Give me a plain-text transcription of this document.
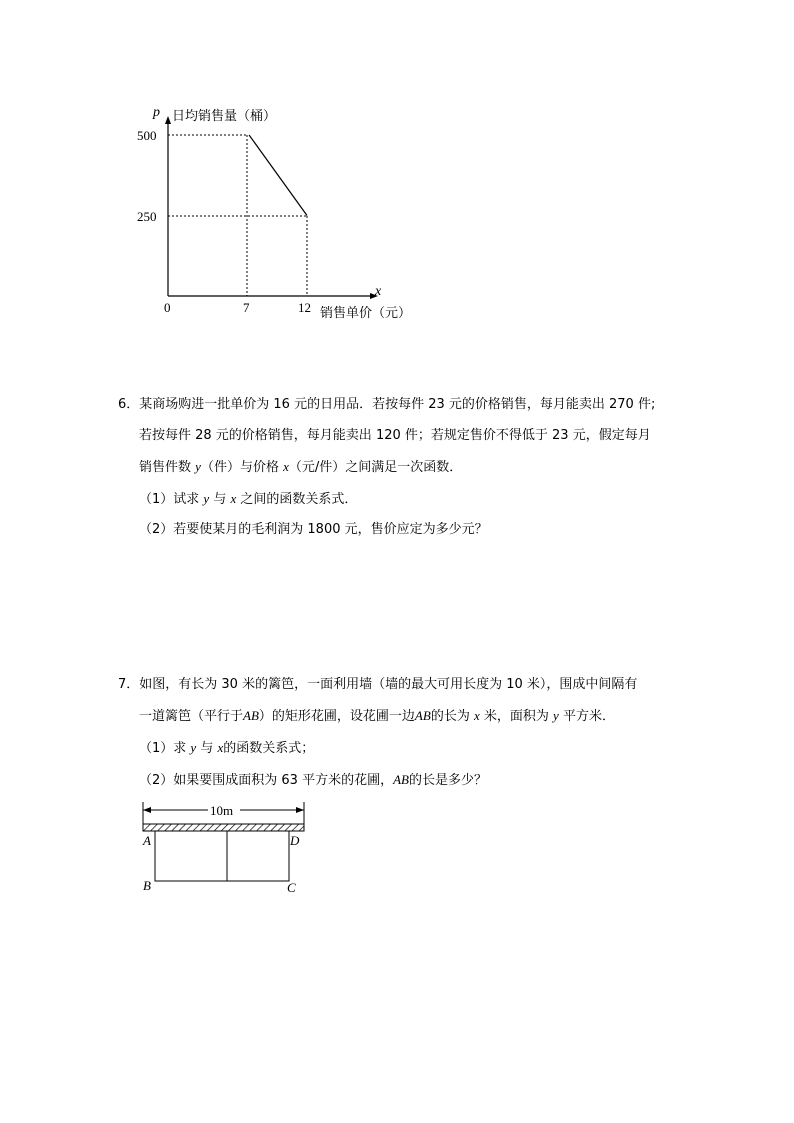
p 日均销售量（桶）
500
250
0	7	12
x
销售单价（元）
6．某商场购进一批单价为 16 元的日用品．若按每件 23 元的价格销售，每月能卖出 270 件;
若按每件 28 元的价格销售，每月能卖出 120 件；若规定售价不得低于 23 元，假定每月
销售件数 y（件）与价格 x（元/件）之间满足一次函数．
（1）试求 y 与 x 之间的函数关系式．
（2）若要使某月的毛利润为 1800 元，售价应定为多少元？
7．如图，有长为 30 米的篱笆，一面利用墙（墙的最大可用长度为 10 米），围成中间隔有
一道篱笆（平行于AB）的矩形花圃，设花圃一边AB的长为 x 米，面积为 y 平方米．
（1）求 y 与 x的函数关系式；
（2）如果要围成面积为 63 平方米的花圃，AB的长是多少？
10m
A	D
B	C
